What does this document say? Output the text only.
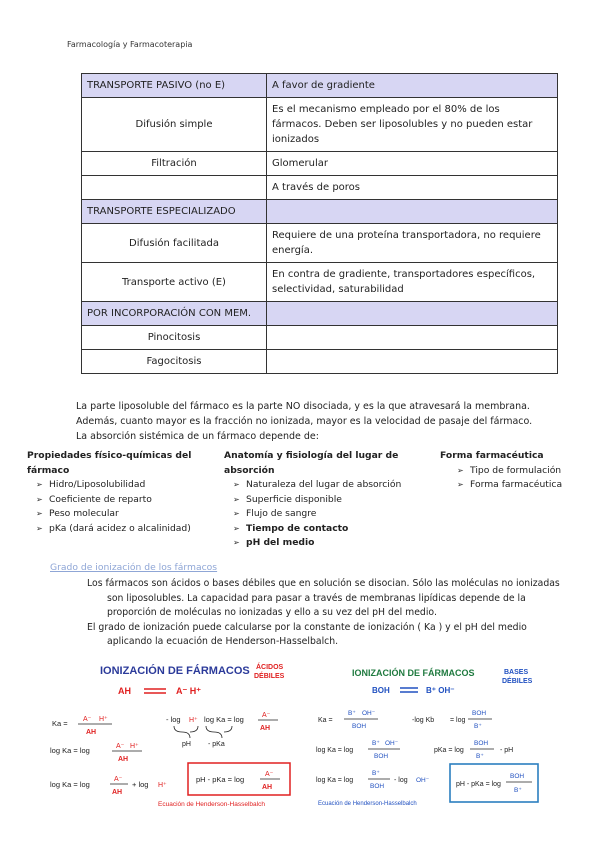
Farmacología y Farmacoterapia
TRANSPORTE PASIVO (no E)	A favor de gradiente
Difusión simple	Es el mecanismo empleado por el 80% de los fármacos. Deben ser liposolubles y no pueden estar ionizados
Filtración	Glomerular
	A través de poros
TRANSPORTE ESPECIALIZADO	
Difusión facilitada	Requiere de una proteína transportadora, no requiere energía.
Transporte activo (E)	En contra de gradiente, transportadores específicos, selectividad, saturabilidad
POR INCORPORACIÓN CON MEM.	
Pinocitosis	
Fagocitosis	
La parte liposoluble del fármaco es la parte NO disociada, y es la que atravesará la membrana.
Además, cuanto mayor es la fracción no ionizada, mayor es la velocidad de pasaje del fármaco.
La absorción sistémica de un fármaco depende de:
Propiedades físico-químicas del fármaco
➢ Hidro/Liposolubilidad
➢ Coeficiente de reparto
➢ Peso molecular
➢ pKa (dará acidez o alcalinidad)
Anatomía y fisiología del lugar de absorción
➢ Naturaleza del lugar de absorción
➢ Superficie disponible
➢ Flujo de sangre
➢ Tiempo de contacto
➢ pH del medio
Forma farmacéutica
➢ Tipo de formulación
➢ Forma farmacéutica
Grado de ionización de los fármacos

Los fármacos son ácidos o bases débiles que en solución se disocian. Sólo las moléculas no ionizadas son liposolubles. La capacidad para pasar a través de membranas lipídicas depende de la proporción de moléculas no ionizadas y ello a su vez del pH del medio.

El grado de ionización puede calcularse por la constante de ionización ( Ka ) y el pH del medio aplicando la ecuación de Henderson-Hasselbalch.

IONIZACIÓN DE FÁRMACOS ÁCIDOS
DÉBILES
AH	A⁻ H⁺
Ka = A⁻ H⁺
AH
log Ka = log	A⁻ H⁺
AH
log Ka = log
A⁻
AH
+ log H⁺
- log H⁺ log Ka = log	A⁻
AH
pH - pKa
pH - pKa = log
A⁻
AH
Ecuación de Henderson-Hasselbalch
IONIZACIÓN DE FÁRMACOS	BASES
DÉBILES
BOH	B⁺ OH⁻
Ka =
B⁺ OH⁻
BOH
log Ka = log
B⁺ OH⁻
BOH
log Ka = log
B⁺
BOH
- log OH⁻
-log Kb = log
BOH
B⁺
pKa = log
BOH
B⁺
- pH
pH - pKa = log
BOH
B⁺
Ecuación de Henderson-Hasselbalch
